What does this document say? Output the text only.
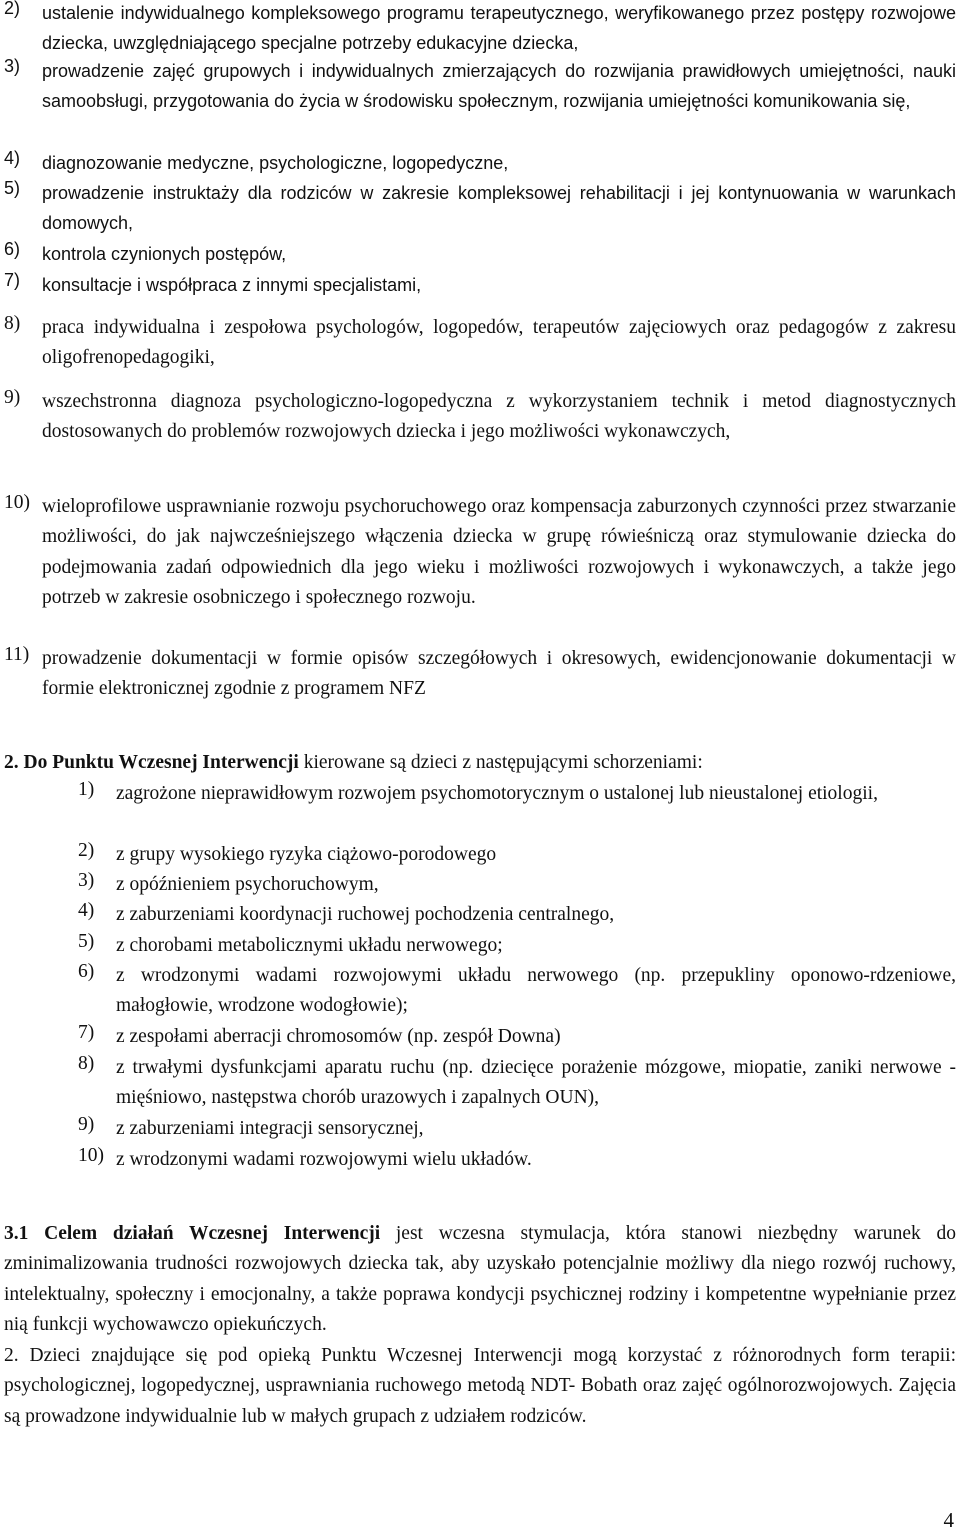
2) ustalenie indywidualnego kompleksowego programu terapeutycznego, weryfikowanego przez postępy rozwojowe dziecka, uwzględniającego specjalne potrzeby edukacyjne dziecka,
3) prowadzenie zajęć grupowych i indywidualnych zmierzających do rozwijania prawidłowych umiejętności, nauki samoobsługi, przygotowania do życia w środowisku społecznym, rozwijania umiejętności komunikowania się,
4) diagnozowanie medyczne, psychologiczne, logopedyczne,
5) prowadzenie instruktaży dla rodziców w zakresie kompleksowej rehabilitacji i jej kontynuowania w warunkach domowych,
6) kontrola czynionych postępów,
7) konsultacje i współpraca z innymi specjalistami,
8) praca indywidualna i zespołowa psychologów, logopedów, terapeutów zajęciowych oraz pedagogów z zakresu oligofrenopedagogiki,
9) wszechstronna diagnoza psychologiczno-logopedyczna z wykorzystaniem technik i metod diagnostycznych dostosowanych do problemów rozwojowych dziecka i jego możliwości wykonawczych,
10) wieloprofilowe usprawnianie rozwoju psychoruchowego oraz kompensacja zaburzonych czynności przez stwarzanie możliwości, do jak najwcześniejszego włączenia dziecka w grupę rówieśniczą oraz stymulowanie dziecka do podejmowania zadań odpowiednich dla jego wieku i możliwości rozwojowych i wykonawczych, a także jego potrzeb w zakresie osobniczego i społecznego rozwoju.
11) prowadzenie dokumentacji w formie opisów szczegółowych i okresowych, ewidencjonowanie dokumentacji w formie elektronicznej zgodnie z programem NFZ
2. Do Punktu Wczesnej Interwencji kierowane są dzieci z następującymi schorzeniami:
1) zagrożone nieprawidłowym rozwojem psychomotorycznym o ustalonej lub nieustalonej etiologii,
2) z grupy wysokiego ryzyka ciążowo-porodowego
3) z opóźnieniem psychoruchowym,
4) z zaburzeniami koordynacji ruchowej pochodzenia centralnego,
5) z chorobami metabolicznymi układu nerwowego;
6) z wrodzonymi wadami rozwojowymi układu nerwowego (np. przepukliny oponowo-rdzeniowe, małogłowie, wrodzone wodogłowie);
7) z zespołami aberracji chromosomów (np. zespół Downa)
8) z trwałymi dysfunkcjami aparatu ruchu (np. dziecięce porażenie mózgowe, miopatie, zaniki nerwowe - mięśniowo, następstwa chorób urazowych i zapalnych OUN),
9) z zaburzeniami integracji sensorycznej,
10) z wrodzonymi wadami rozwojowymi wielu układów.
3.1 Celem działań Wczesnej Interwencji jest wczesna stymulacja, która stanowi niezbędny warunek do zminimalizowania trudności rozwojowych dziecka tak, aby uzyskało potencjalnie możliwy dla niego rozwój ruchowy, intelektualny, społeczny i emocjonalny, a także poprawa kondycji psychicznej rodziny i kompetentne wypełnianie przez nią funkcji wychowawczo opiekuńczych.
2. Dzieci znajdujące się pod opieką Punktu Wczesnej Interwencji mogą korzystać z różnorodnych form terapii: psychologicznej, logopedycznej, usprawniania ruchowego metodą NDT- Bobath oraz zajęć ogólnorozwojowych. Zajęcia są prowadzone indywidualnie lub w małych grupach z udziałem rodziców.
4
